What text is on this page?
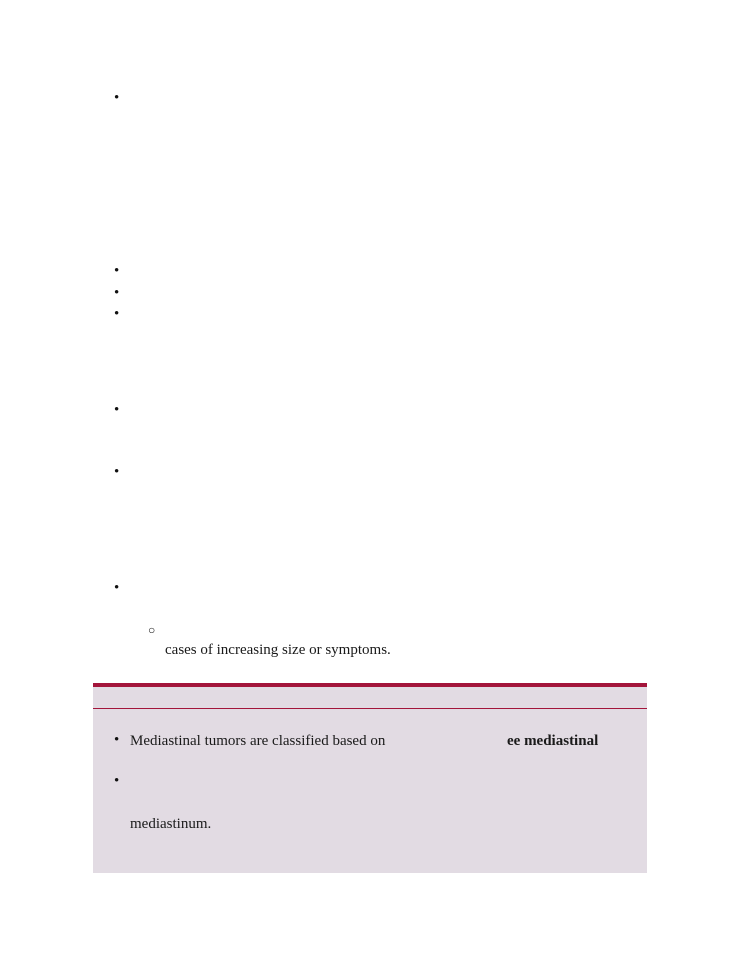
•
•
•
•
•
•
•
○
cases of increasing size or symptoms.
• Mediastinal tumors are classified based on	ee mediastinal
•
mediastinum.
